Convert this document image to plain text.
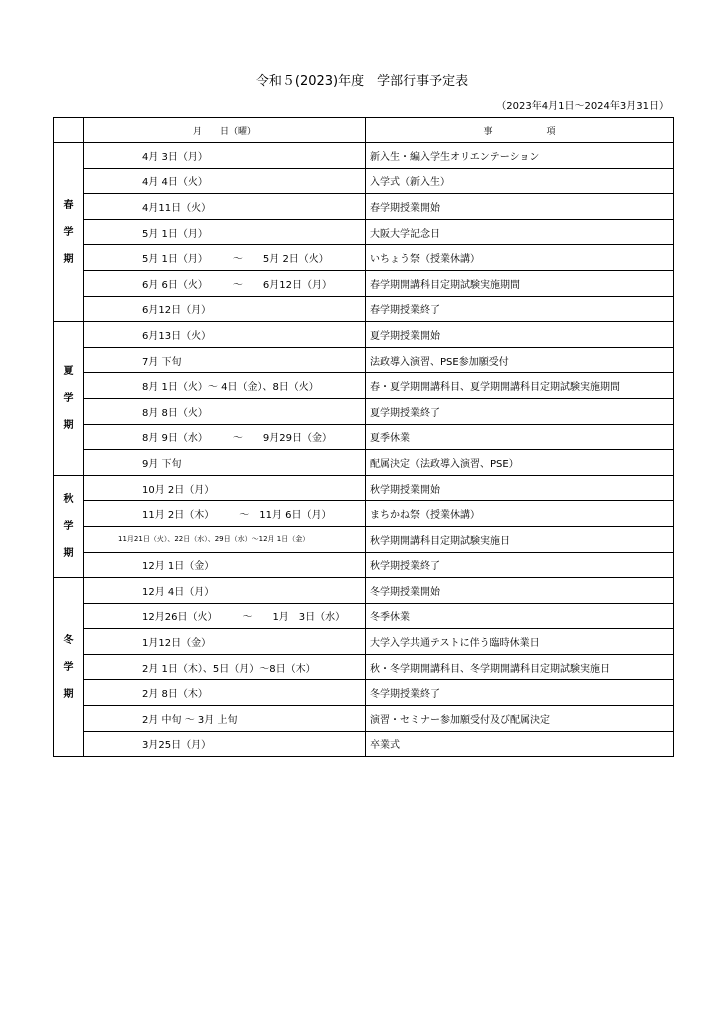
令和５(2023)年度　学部行事予定表
（2023年4月1日～2024年3月31日）
	月　　日（曜）	事　　　　　　項

春
学
期	4月 3日（月）	新入生・編入学生オリエンテーション
	4月 4日（火）	入学式（新入生）
	4月11日（火）	春学期授業開始
	5月 1日（月）	大阪大学記念日
	5月 1日（月）　　　～　　5月 2日（火）	いちょう祭（授業休講）
	6月 6日（火）　　　～　　6月12日（月）	春学期開講科目定期試験実施期間
	6月12日（月）	春学期授業終了

夏
学
期	6月13日（火）	夏学期授業開始
	7月 下旬	法政導入演習、PSE参加願受付
	8月 1日（火）～ 4日（金）、8日（火）	春・夏学期開講科目、夏学期開講科目定期試験実施期間
	8月 8日（火）	夏学期授業終了
	8月 9日（水）　　　～　　9月29日（金）	夏季休業
	9月 下旬	配属決定（法政導入演習、PSE）

秋
学
期	10月 2日（月）	秋学期授業開始
	11月 2日（木）　　　～　11月 6日（月）	まちかね祭（授業休講）
	11月21日（火）、22日（水）、29日（水）～12月 1日（金）	秋学期開講科目定期試験実施日
	12月 1日（金）	秋学期授業終了

冬
学
期	12月 4日（月）	冬学期授業開始
	12月26日（火）　　　～　　1月　3日（水）	冬季休業
	1月12日（金）	大学入学共通テストに伴う臨時休業日
	2月 1日（木）、5日（月）～8日（木）	秋・冬学期開講科目、冬学期開講科目定期試験実施日
	2月 8日（木）	冬学期授業終了
	2月 中旬 ～ 3月 上旬	演習・セミナー参加願受付及び配属決定
	3月25日（月）	卒業式
